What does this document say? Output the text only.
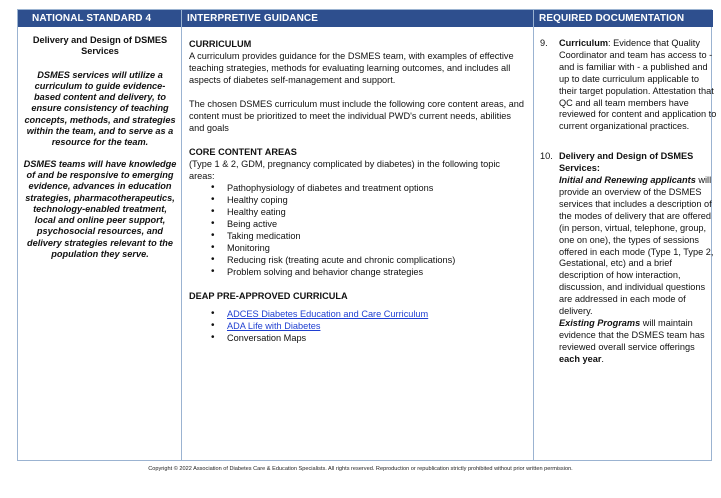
NATIONAL STANDARD 4	INTERPRETIVE GUIDANCE	REQUIRED DOCUMENTATION
Delivery and Design of DSMES Services

DSMES services will utilize a curriculum to guide evidence-based content and delivery, to ensure consistency of teaching concepts, methods, and strategies within the team, and to serve as a resource for the team.

DSMES teams will have knowledge of and be responsive to emerging evidence, advances in education strategies, pharmacotherapeutics, technology-enabled treatment, local and online peer support, psychosocial resources, and delivery strategies relevant to the population they serve.

CURRICULUM

A curriculum provides guidance for the DSMES team, with examples of effective teaching strategies, methods for evaluating learning outcomes, and includes all aspects of diabetes self-management and support.

The chosen DSMES curriculum must include the following core content areas, and content must be prioritized to meet the individual PWD's current needs, abilities and goals

CORE CONTENT AREAS

(Type 1 & 2, GDM, pregnancy complicated by diabetes) in the following topic areas:

• Pathophysiology of diabetes and treatment options
• Healthy coping
• Healthy eating
• Being active
• Taking medication
• Monitoring
• Reducing risk (treating acute and chronic complications)
• Problem solving and behavior change strategies
DEAP PRE-APPROVED CURRICULA
• ADCES Diabetes Education and Care Curriculum
• ADA Life with Diabetes
• Conversation Maps
9. Curriculum: Evidence that Quality Coordinator and team has access to - and is familiar with - a published and up to date curriculum applicable to their target population. Attestation that QC and all team members have reviewed for content and application to current organizational practices.
10. Delivery and Design of DSMES Services:
Initial and Renewing applicants will provide an overview of the DSMES services that includes a description of the modes of delivery that are offered (in person, virtual, telephone, group, one on one), the types of sessions offered in each mode (Type 1, Type 2, Gestational, etc) and a brief description of how interaction, discussion, and individual questions are addressed in each mode of delivery.
Existing Programs will maintain evidence that the DSMES team has reviewed overall service offerings each year.
Copyright © 2022 Association of Diabetes Care & Education Specialists. All rights reserved. Reproduction or republication strictly prohibited without prior written permission.
